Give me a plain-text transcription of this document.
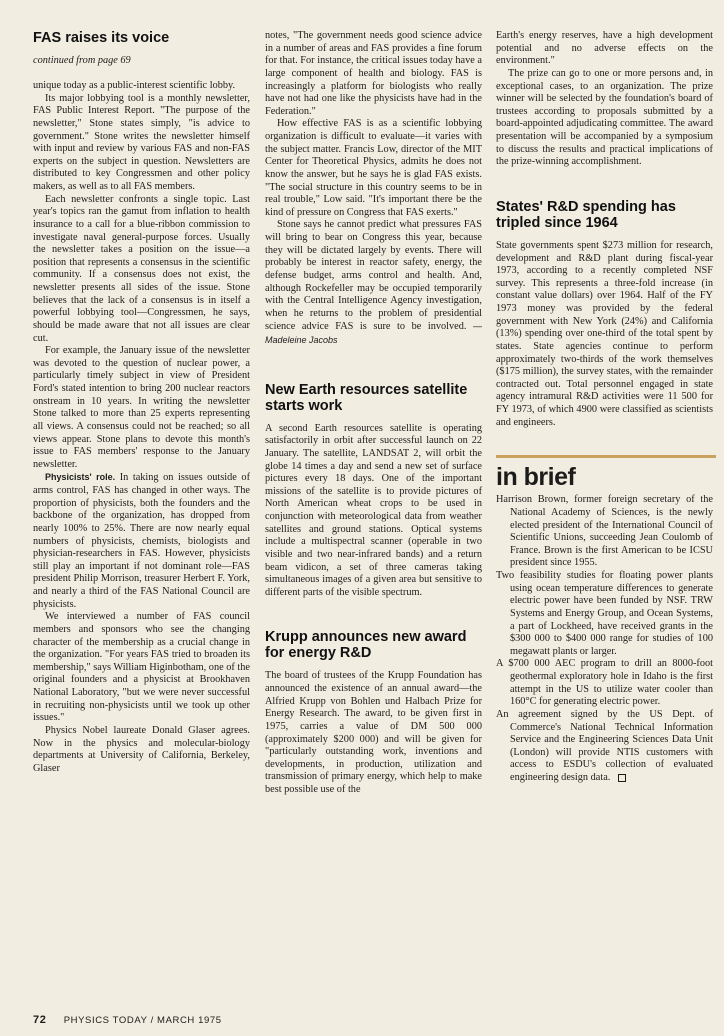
FAS raises its voice
continued from page 69

unique today as a public-interest scientific lobby.

Its major lobbying tool is a monthly newsletter, FAS Public Interest Report. "The purpose of the newsletter," Stone states simply, "is advice to government." Stone writes the newsletter himself with input and review by various FAS and non-FAS experts on the subject in question. Newsletters are distributed to key Congressmen and other policy makers, as well as to all FAS members.

Each newsletter confronts a single topic. Last year's topics ran the gamut from inflation to health insurance to a call for a blue-ribbon commission to investigate naval general-purpose forces. Usually the newsletter takes a position on the issue—a position that represents a consensus in the scientific community. If a consensus does not exist, the newsletter presents all sides of the issue. Stone believes that the lack of a consensus is in itself a powerful lobbying tool—Congressmen, he says, should be made aware that not all issues are clear cut.

For example, the January issue of the newsletter was devoted to the question of nuclear power, a particularly timely subject in view of President Ford's stated intention to bring 200 nuclear reactors onstream in 10 years. In writing the newsletter Stone talked to more than 25 experts representing all views. A consensus could not be reached; so all views appear. Stone plans to devote this month's issue to FAS members' response to the January newsletter.

Physicists' role. In taking on issues outside of arms control, FAS has changed in other ways. The proportion of physicists, both the founders and the backbone of the organization, has dropped from nearly 100% to 25%. There are now nearly equal numbers of physicists, chemists, biologists and physician-researchers in FAS. However, physicists still play an important if not dominant role—FAS president Philip Morrison, treasurer Herbert F. York, and nearly a third of the FAS National Council are physicists.

We interviewed a number of FAS council members and sponsors who see the changing character of the membership as a crucial change in the organization. "For years FAS tried to broaden its membership," says William Higinbotham, one of the original founders and a physicist at Brookhaven National Laboratory, "but we were never successful in recruiting non-physicists until we took up other issues."

Physics Nobel laureate Donald Glaser agrees. Now in the physics and molecular-biology departments at University of California, Berkeley, Glaser

notes, "The government needs good science advice in a number of areas and FAS provides a fine forum for that. For instance, the critical issues today have a large component of health and biology. FAS is increasingly a platform for biologists who really have not had one like the physicists have had in the Federation."

How effective FAS is as a scientific lobbying organization is difficult to evaluate—it varies with the subject matter. Francis Low, director of the MIT Center for Theoretical Physics, admits he does not know the answer, but he says he is glad FAS exists. "The social structure in this country seems to be in real trouble," Low said. "It's important there be the kind of pressure on Congress that FAS exerts."

Stone says he cannot predict what pressures FAS will bring to bear on Congress this year, because they will be dictated largely by events. There will probably be interest in reactor safety, energy, the defense budget, arms control and health. And, although Rockefeller may be occupied temporarily with the Central Intelligence Agency investigation, when he returns to the problem of presidential science advice FAS is sure to be involved. —Madeleine Jacobs

New Earth resources satellite starts work

A second Earth resources satellite is operating satisfactorily in orbit after successful launch on 22 January. The satellite, LANDSAT 2, will orbit the globe 14 times a day and send a new set of surface pictures every 18 days. One of the important missions of the satellite is to provide pictures of North American wheat crops to be used in conjunction with meteorological data from weather satellites and ground stations. Optical systems include a multispectral scanner (operable in two visible and two near-infrared bands) and a return beam vidicon, a set of three cameras taking simultaneous images of a given area but sensitive to different parts of the visible spectrum.

Krupp announces new award for energy R&D

The board of trustees of the Krupp Foundation has announced the existence of an annual award—the Alfried Krupp von Bohlen und Halbach Prize for Energy Research. The award, to be given first in 1975, carries a value of DM 500 000 (approximately $200 000) and will be given for "particularly outstanding work, inventions and developments, in production, utilization and transmission of primary energy, which help to make best possible use of the

Earth's energy reserves, have a high development potential and no adverse effects on the environment."

The prize can go to one or more persons and, in exceptional cases, to an organization. The prize winner will be selected by the foundation's board of trustees according to proposals submitted by a board-appointed adjudicating committee. The award presentation will be accompanied by a symposium to discuss the results and practical implications of the prize-winning accomplishment.

States' R&D spending has tripled since 1964

State governments spent $273 million for research, development and R&D plant during fiscal-year 1973, according to a recently completed NSF survey. This represents a three-fold increase (in constant value dollars) over 1964. Half of the FY 1973 money was provided by the federal government with New York (24%) and California (13%) spending over one-third of the total spent by states. State agencies continue to perform approximately two-thirds of the work themselves ($175 million), the survey states, with the remainder contracted out. Total personnel engaged in state agency intramural R&D activities were 11 500 for FY 1973, of which 4900 were classified as scientists and engineers.

in brief

Harrison Brown, former foreign secretary of the National Academy of Sciences, is the newly elected president of the International Council of Scientific Unions, succeeding Jean Coulomb of France. Brown is the first American to be ICSU president since 1955.

Two feasibility studies for floating power plants using ocean temperature differences to generate electric power have been funded by NSF. TRW Systems and Energy Group, and Ocean Systems, a part of Lockheed, have received grants in the $300 000 to $400 000 range for studies of 100 megawatt plants or larger.

A $700 000 AEC program to drill an 8000-foot geothermal exploratory hole in Idaho is the first attempt in the US to utilize water cooler than 160°C for generating electric power.

An agreement signed by the US Dept. of Commerce's National Technical Information Service and the Engineering Sciences Data Unit (London) will provide NTIS customers with access to ESDU's collection of evaluated engineering design data.

72 PHYSICS TODAY / MARCH 1975
